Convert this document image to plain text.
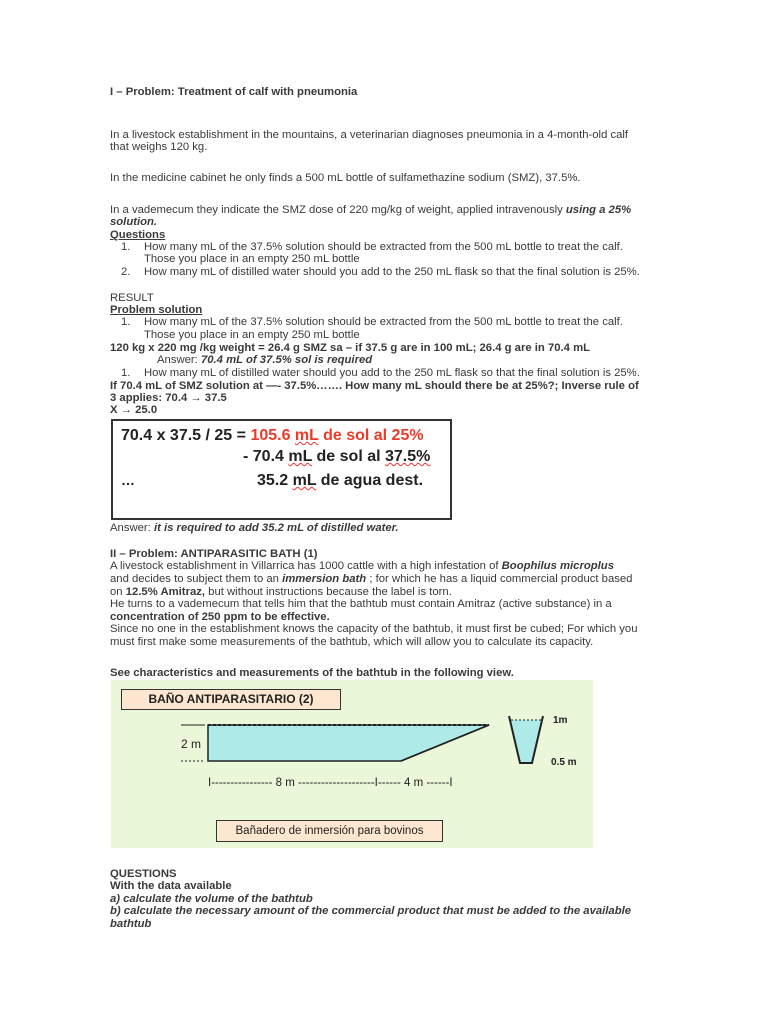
I – Problem: Treatment of calf with pneumonia
In a livestock establishment in the mountains, a veterinarian diagnoses pneumonia in a 4-month-old calf
that weighs 120 kg.
In the medicine cabinet he only finds a 500 mL bottle of sulfamethazine sodium (SMZ), 37.5%.
In a vademecum they indicate the SMZ dose of 220 mg/kg of weight, applied intravenously using a 25%
solution.
Questions
1. How many mL of the 37.5% solution should be extracted from the 500 mL bottle to treat the calf.
Those you place in an empty 250 mL bottle
2. How many mL of distilled water should you add to the 250 mL flask so that the final solution is 25%.
RESULT
Problem solution
1. How many mL of the 37.5% solution should be extracted from the 500 mL bottle to treat the calf.
Those you place in an empty 250 mL bottle
120 kg x 220 mg /kg weight = 26.4 g SMZ sa – if 37.5 g are in 100 mL; 26.4 g are in 70.4 mL
Answer: 70.4 mL of 37.5% sol is required
1. How many mL of distilled water should you add to the 250 mL flask so that the final solution is 25%.
If 70.4 mL of SMZ solution at —- 37.5%……. How many mL should there be at 25%?; Inverse rule of
3 applies: 70.4 → 37.5
X → 25.0
70.4 x 37.5 / 25 = 105.6 mL de sol al 25%
- 70.4 mL de sol al 37.5%
…	35.2 mL de agua dest.
Answer: it is required to add 35.2 mL of distilled water.
II – Problem: ANTIPARASITIC BATH (1)
A livestock establishment in Villarrica has 1000 cattle with a high infestation of Boophilus microplus
and decides to subject them to an immersion bath ; for which he has a liquid commercial product based
on 12.5% Amitraz, but without instructions because the label is torn.
He turns to a vademecum that tells him that the bathtub must contain Amitraz (active substance) in a
concentration of 250 ppm to be effective.
Since no one in the establishment knows the capacity of the bathtub, it must first be cubed; For which you
must first make some measurements of the bathtub, which will allow you to calculate its capacity.
See characteristics and measurements of the bathtub in the following view.
BAÑO ANTIPARASITARIO (2)
2 m
I---------------- 8 m --------------------I------ 4 m ------I
1m
0.5 m
Bañadero de inmersión para bovinos
QUESTIONS
With the data available
a) calculate the volume of the bathtub
b) calculate the necessary amount of the commercial product that must be added to the available
bathtub
